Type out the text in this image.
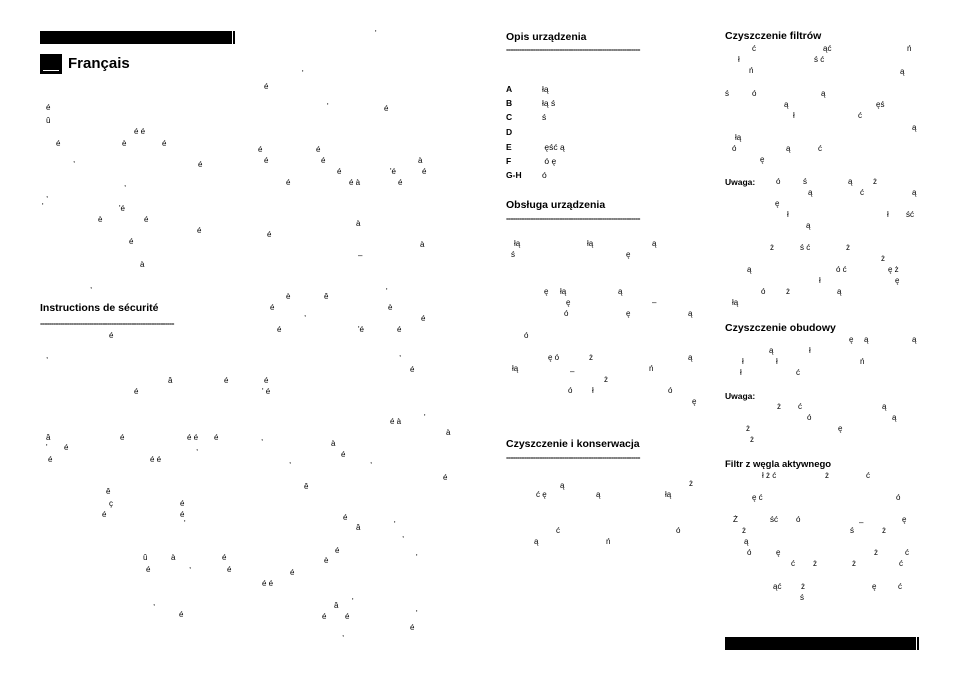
Français
Instructions de sécurité
------------------------------------------------------------
Opis urządzenia
------------------------------------------------------------
A	łą
B	łą ś
C	ś
D
E	ęść ą
F	ó ę
G-H ó
Obsługa urządzenia
------------------------------------------------------------
Czyszczenie i konserwacja
------------------------------------------------------------
Czyszczenie filtrów
Uwaga:
Czyszczenie obudowy
Uwaga:
Filtr z węgla aktywnego
'
é
û
é é
é	è	é
,
é
,
,
'	'é
è	é
é
é
à
,
é
,
â	é	é
é	' é
â	é	é é é
' é	,
é	é é
ê
ç	é
é	é
'
û	à	é
é	,	é
,
é
'
é
'	é
é	é
é	é	à
é	'é	é
é	é à	é
à
é
à
–
'
è	ê
é	è
,
é
é	'é	é
,
é
é à	'
à
,
à
é
,	,
é
ê
é
'
â
,
é
è	'
é
é é
'
â
é é	'
é
,
łą	łą	ą
ś	ę
ę łą	ą
ę	–
ó	ę	ą
ó
ę ó	ż	ą
łą	–	ń
ż
ó ł	ó
ę
ż
ą
ć ę	ą	łą
ć	ó
ą	ń
ć	ąć	ń
ł	ś ć
ń	ą
ś	ó	ą
ą	ęś
ł	ć
ą
łą
ó	ą	ć
ę
ó	ś	ą	ż
ą	ć	ą
ę
ł	ł ść
ą
ż	ś ć	ż
ż
ą	ó ć	ę ż
ł	ę
ó	ż	ą
łą
ę ą	ą
ą	ł
ł	ł	ń
ł	ć
ż ć	ą
ó	ą
ż	ę
ż
ł ż ć	ż	ć
ę ć	ó
Ż	ść ó	–	ę
ż	ś	ż
ą
ó	ę	ż	ć
ć ż	ż	ć
ąć ż	ę	ć
ś
